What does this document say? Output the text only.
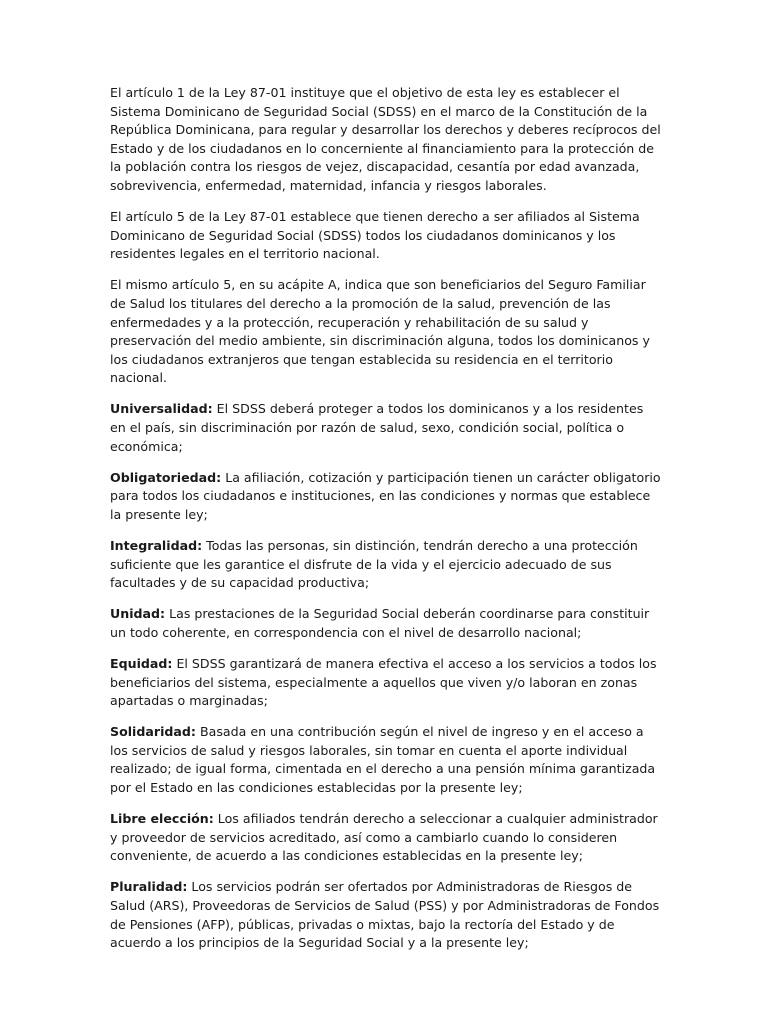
El artículo 1 de la Ley 87-01 instituye que el objetivo de esta ley es establecer el Sistema Dominicano de Seguridad Social (SDSS) en el marco de la Constitución de la República Dominicana, para regular y desarrollar los derechos y deberes recíprocos del Estado y de los ciudadanos en lo concerniente al financiamiento para la protección de la población contra los riesgos de vejez, discapacidad, cesantía por edad avanzada, sobrevivencia, enfermedad, maternidad, infancia y riesgos laborales.

El artículo 5 de la Ley 87-01 establece que tienen derecho a ser afiliados al Sistema Dominicano de Seguridad Social (SDSS) todos los ciudadanos dominicanos y los residentes legales en el territorio nacional.

El mismo artículo 5, en su acápite A, indica que son beneficiarios del Seguro Familiar de Salud los titulares del derecho a la promoción de la salud, prevención de las enfermedades y a la protección, recuperación y rehabilitación de su salud y preservación del medio ambiente, sin discriminación alguna, todos los dominicanos y los ciudadanos extranjeros que tengan establecida su residencia en el territorio nacional.

Universalidad: El SDSS deberá proteger a todos los dominicanos y a los residentes en el país, sin discriminación por razón de salud, sexo, condición social, política o económica;

Obligatoriedad: La afiliación, cotización y participación tienen un carácter obligatorio para todos los ciudadanos e instituciones, en las condiciones y normas que establece la presente ley;

Integralidad: Todas las personas, sin distinción, tendrán derecho a una protección suficiente que les garantice el disfrute de la vida y el ejercicio adecuado de sus facultades y de su capacidad productiva;

Unidad: Las prestaciones de la Seguridad Social deberán coordinarse para constituir un todo coherente, en correspondencia con el nivel de desarrollo nacional;

Equidad: El SDSS garantizará de manera efectiva el acceso a los servicios a todos los beneficiarios del sistema, especialmente a aquellos que viven y/o laboran en zonas apartadas o marginadas;

Solidaridad: Basada en una contribución según el nivel de ingreso y en el acceso a los servicios de salud y riesgos laborales, sin tomar en cuenta el aporte individual realizado; de igual forma, cimentada en el derecho a una pensión mínima garantizada por el Estado en las condiciones establecidas por la presente ley;

Libre elección: Los afiliados tendrán derecho a seleccionar a cualquier administrador y proveedor de servicios acreditado, así como a cambiarlo cuando lo consideren conveniente, de acuerdo a las condiciones establecidas en la presente ley;

Pluralidad: Los servicios podrán ser ofertados por Administradoras de Riesgos de Salud (ARS), Proveedoras de Servicios de Salud (PSS) y por Administradoras de Fondos de Pensiones (AFP), públicas, privadas o mixtas, bajo la rectoría del Estado y de acuerdo a los principios de la Seguridad Social y a la presente ley;
